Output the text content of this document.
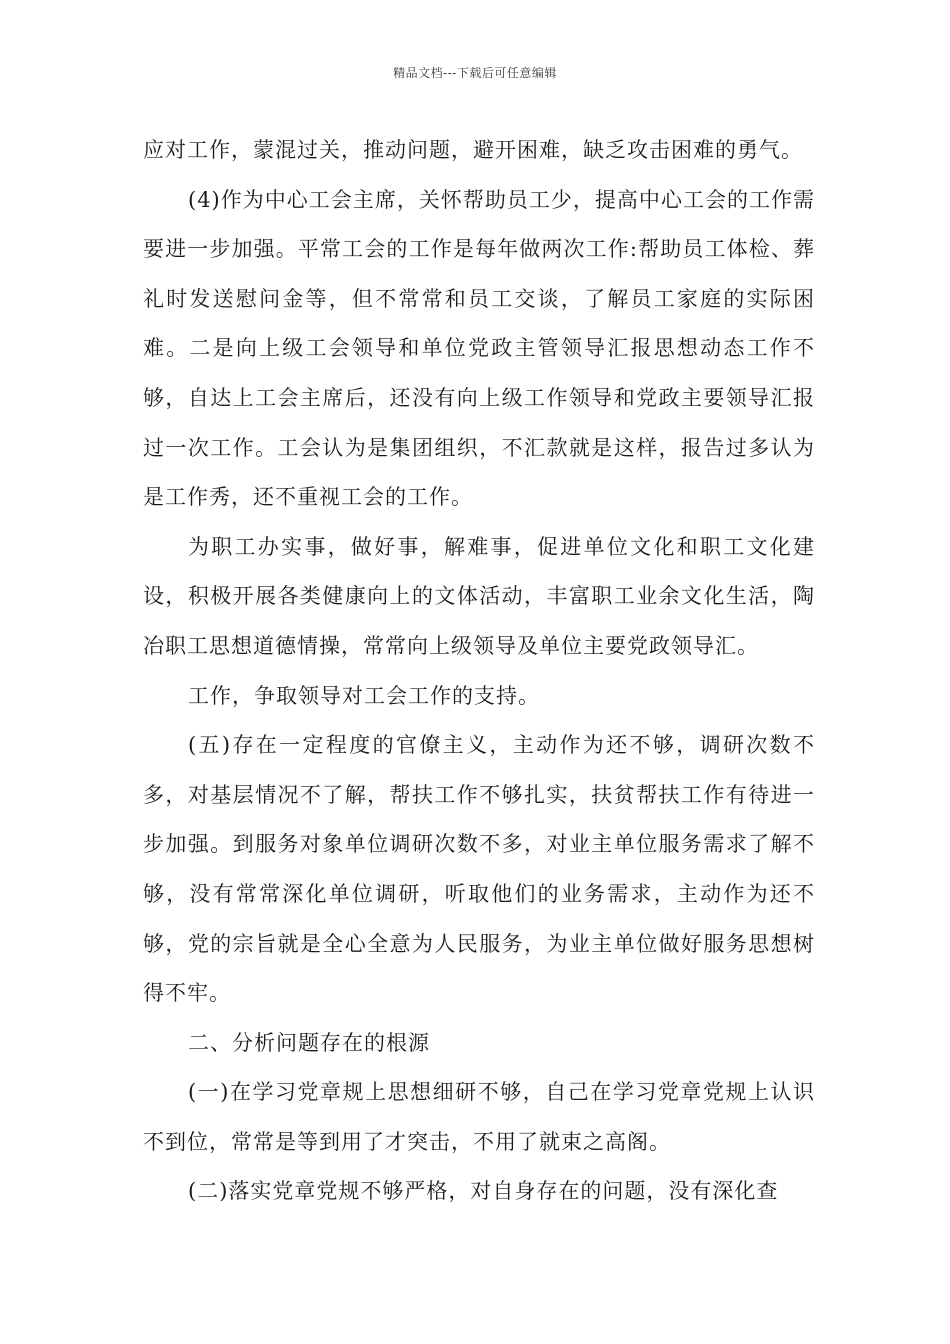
精品文档---下载后可任意编辑

应对工作，蒙混过关，推动问题，避开困难，缺乏攻击困难的勇气。

(4)作为中心工会主席，关怀帮助员工少，提高中心工会的工作需要进一步加强。平常工会的工作是每年做两次工作:帮助员工体检、葬礼时发送慰问金等，但不常常和员工交谈，了解员工家庭的实际困难。二是向上级工会领导和单位党政主管领导汇报思想动态工作不够，自达上工会主席后，还没有向上级工作领导和党政主要领导汇报过一次工作。工会认为是集团组织，不汇款就是这样，报告过多认为是工作秀，还不重视工会的工作。

为职工办实事，做好事，解难事，促进单位文化和职工文化建设，积极开展各类健康向上的文体活动，丰富职工业余文化生活，陶冶职工思想道德情操，常常向上级领导及单位主要党政领导汇。

工作，争取领导对工会工作的支持。

(五)存在一定程度的官僚主义，主动作为还不够，调研次数不多，对基层情况不了解，帮扶工作不够扎实，扶贫帮扶工作有待进一步加强。到服务对象单位调研次数不多，对业主单位服务需求了解不够，没有常常深化单位调研，听取他们的业务需求，主动作为还不够，党的宗旨就是全心全意为人民服务，为业主单位做好服务思想树得不牢。

二、分析问题存在的根源

(一)在学习党章规上思想细研不够，自己在学习党章党规上认识不到位，常常是等到用了才突击，不用了就束之高阁。

(二)落实党章党规不够严格，对自身存在的问题，没有深化查
